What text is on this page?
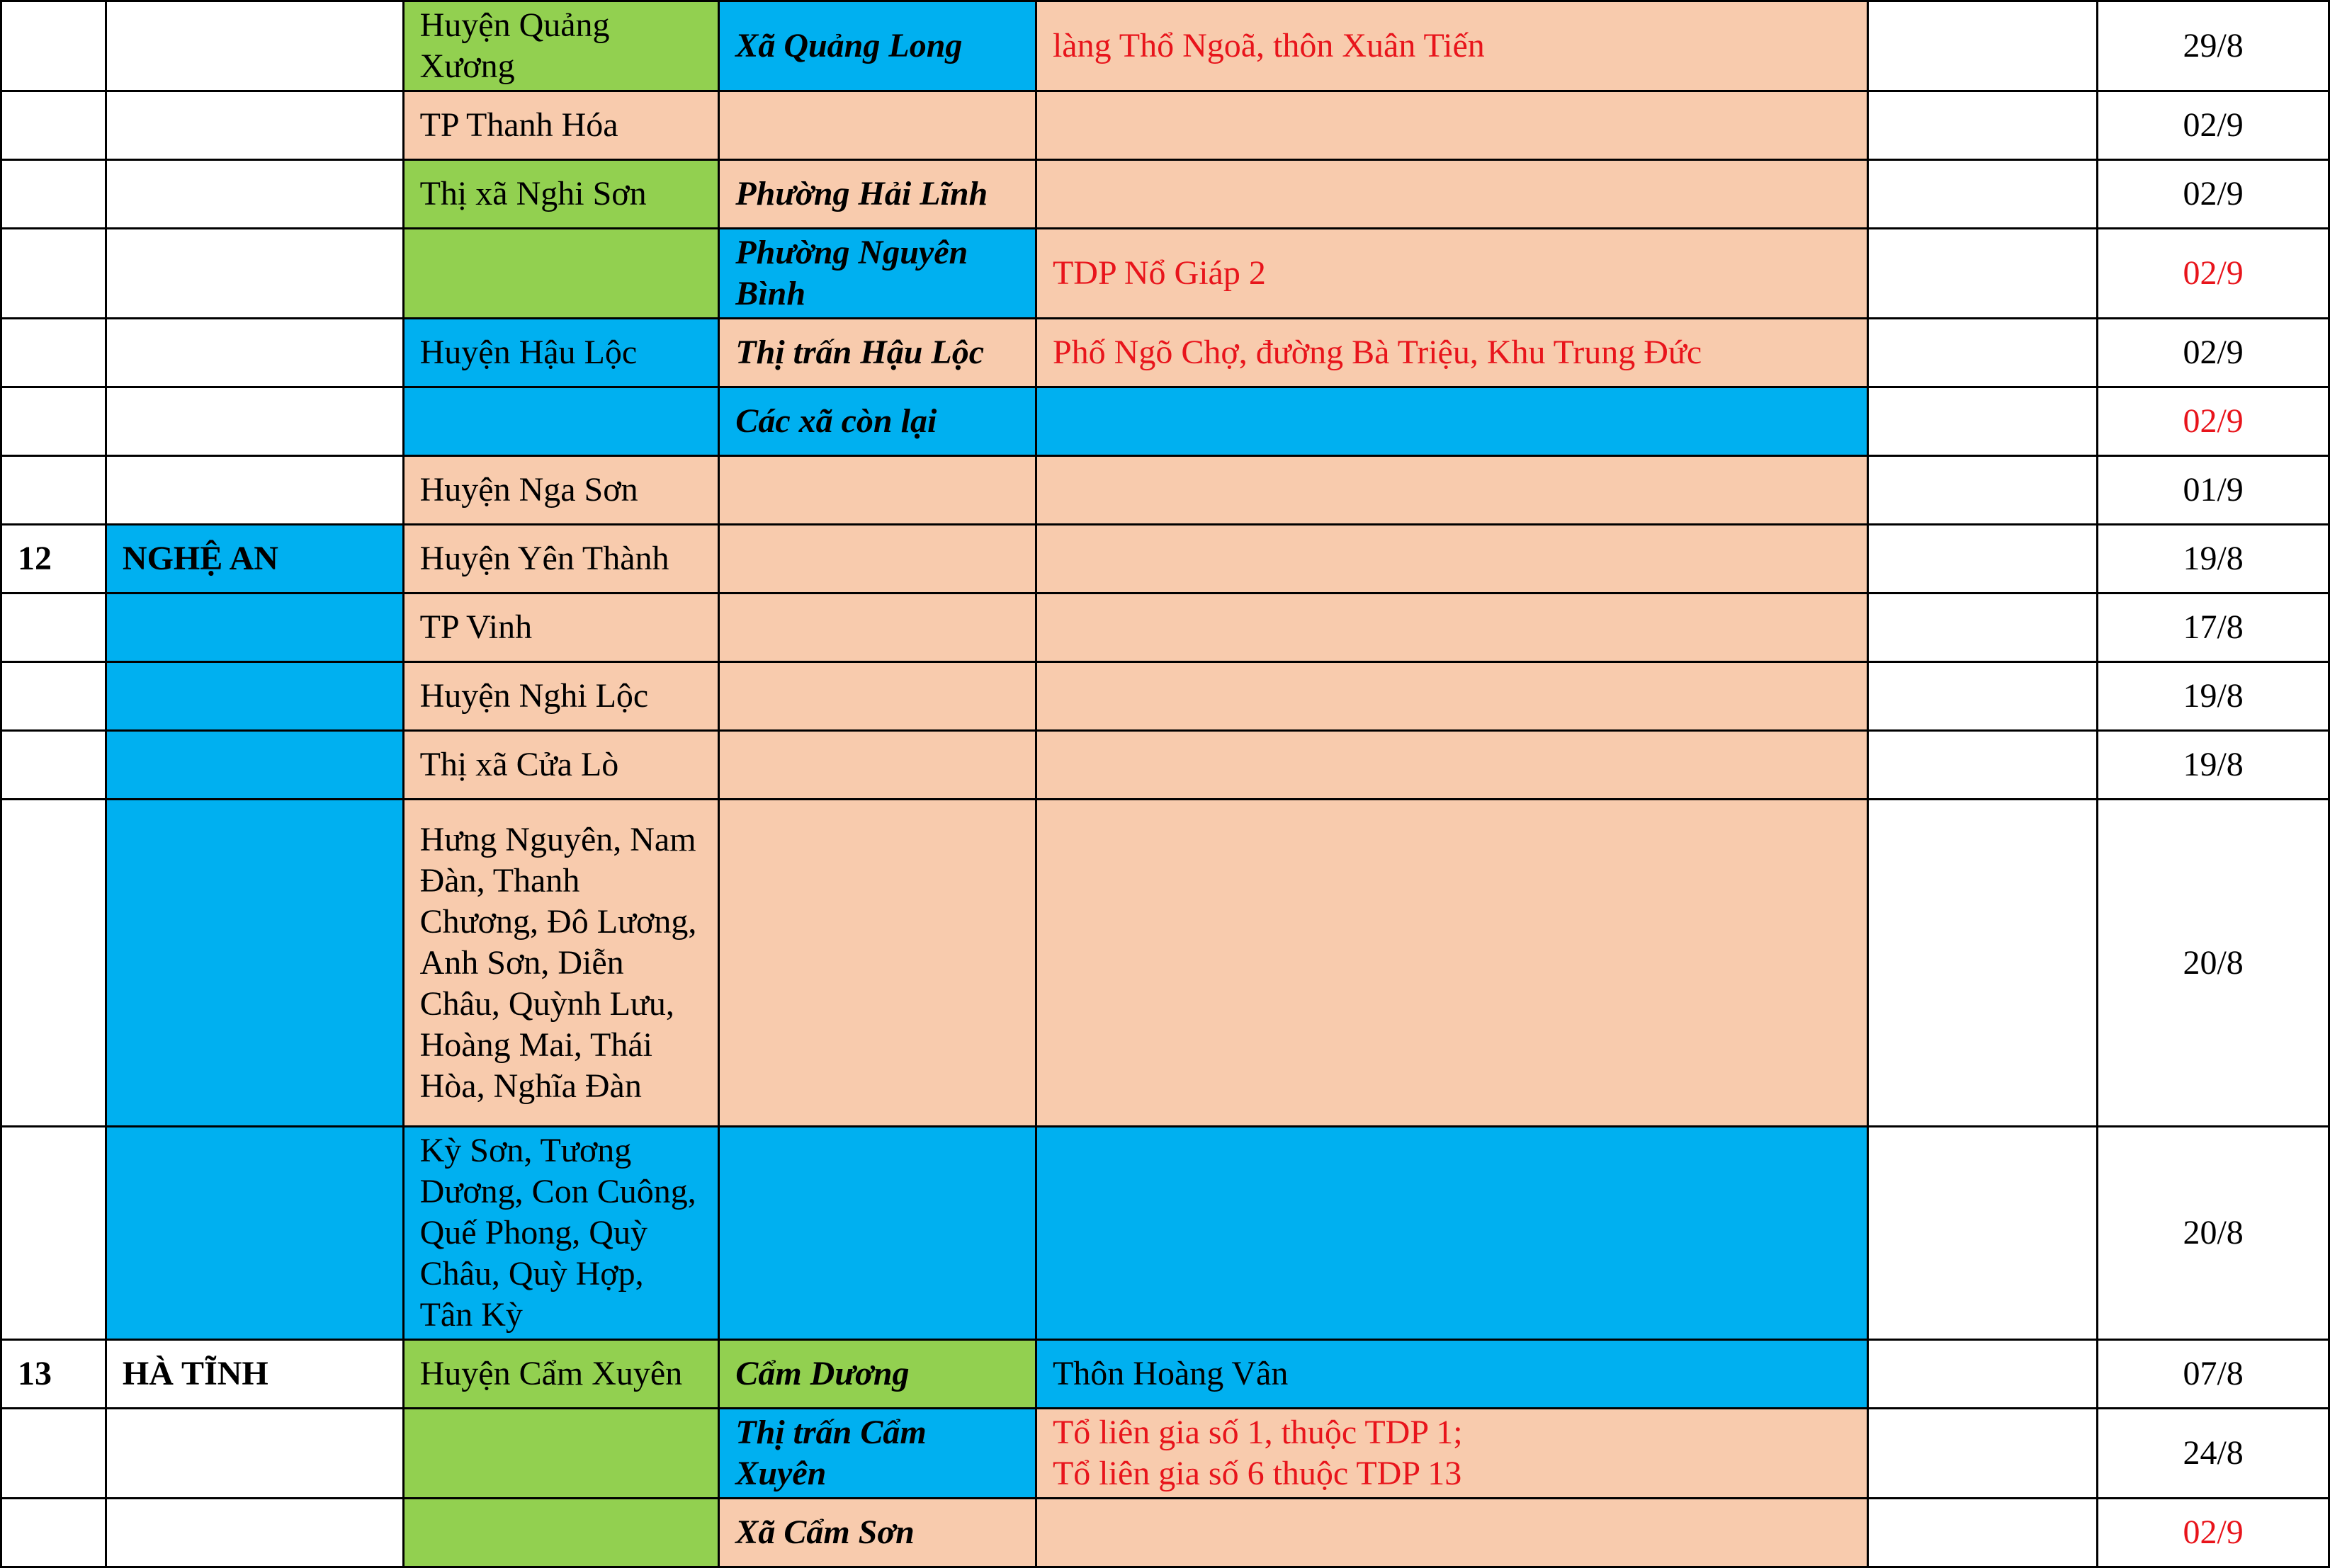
		Huyện Quảng Xương	Xã Quảng Long	làng Thổ Ngoã, thôn Xuân Tiến		29/8
		TP Thanh Hóa				02/9
		Thị xã Nghi Sơn	Phường Hải Lĩnh			02/9
			Phường Nguyên Bình	TDP Nổ Giáp 2		02/9
		Huyện Hậu Lộc	Thị trấn Hậu Lộc	Phố Ngõ Chợ, đường Bà Triệu, Khu Trung Đức		02/9
			Các xã còn lại			02/9
		Huyện Nga Sơn				01/9
12	NGHỆ AN	Huyện Yên Thành				19/8
		TP Vinh				17/8
		Huyện Nghi Lộc				19/8
		Thị xã Cửa Lò				19/8
		Hưng Nguyên, Nam Đàn, Thanh Chương, Đô Lương, Anh Sơn, Diễn Châu, Quỳnh Lưu, Hoàng Mai, Thái Hòa, Nghĩa Đàn				20/8
		Kỳ Sơn, Tương Dương, Con Cuông, Quế Phong, Quỳ Châu, Quỳ Hợp, Tân Kỳ				20/8
13	HÀ TĨNH	Huyện Cẩm Xuyên	Cẩm Dương	Thôn Hoàng Vân		07/8
			Thị trấn Cẩm Xuyên	Tổ liên gia số 1, thuộc TDP 1;
Tổ liên gia số 6 thuộc TDP 13		24/8
			Xã Cẩm Sơn			02/9
